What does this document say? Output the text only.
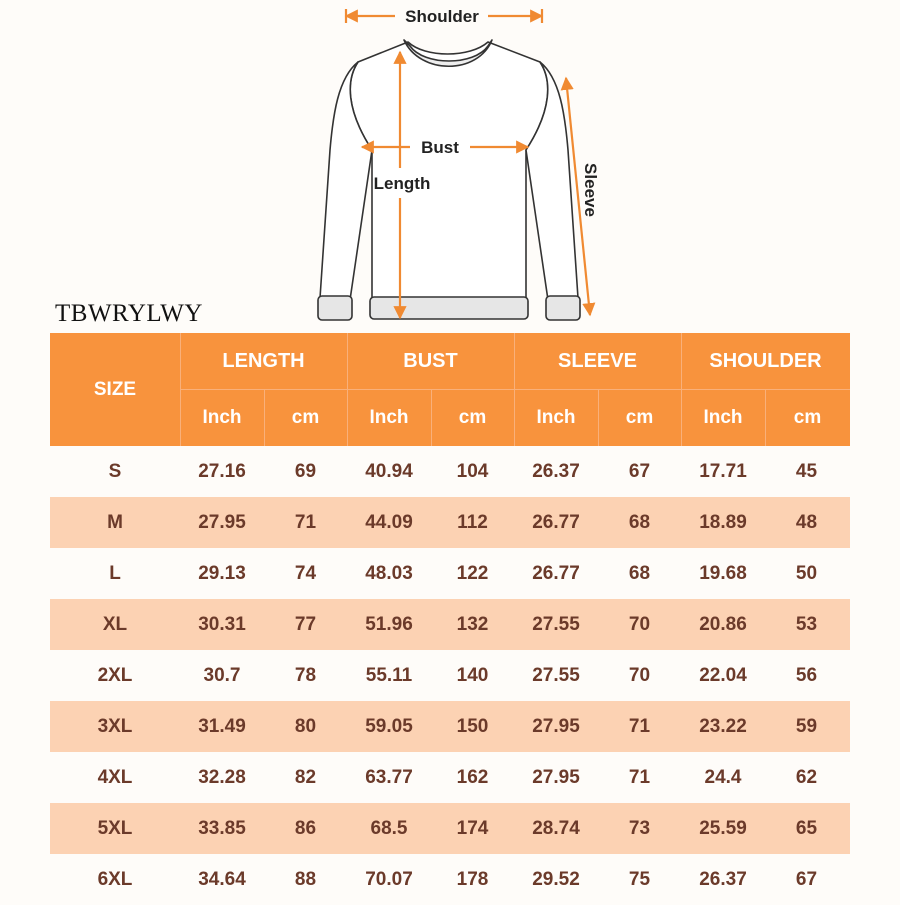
Shoulder
Bust
Length	Sleeve
TBWRYLWY
SIZE
LENGTH	BUST	SLEEVE	SHOULDER
Inch	cm	Inch	cm	Inch	cm	Inch	cm
S	27.16	69	40.94	104	26.37	67	17.71	45
M	27.95	71	44.09	112	26.77	68	18.89	48
L	29.13	74	48.03	122	26.77	68	19.68	50
XL	30.31	77	51.96	132	27.55	70	20.86	53
2XL	30.7	78	55.11	140	27.55	70	22.04	56
3XL	31.49	80	59.05	150	27.95	71	23.22	59
4XL	32.28	82	63.77	162	27.95	71	24.4	62
5XL	33.85	86	68.5	174	28.74	73	25.59	65
6XL	34.64	88	70.07	178	29.52	75	26.37	67
